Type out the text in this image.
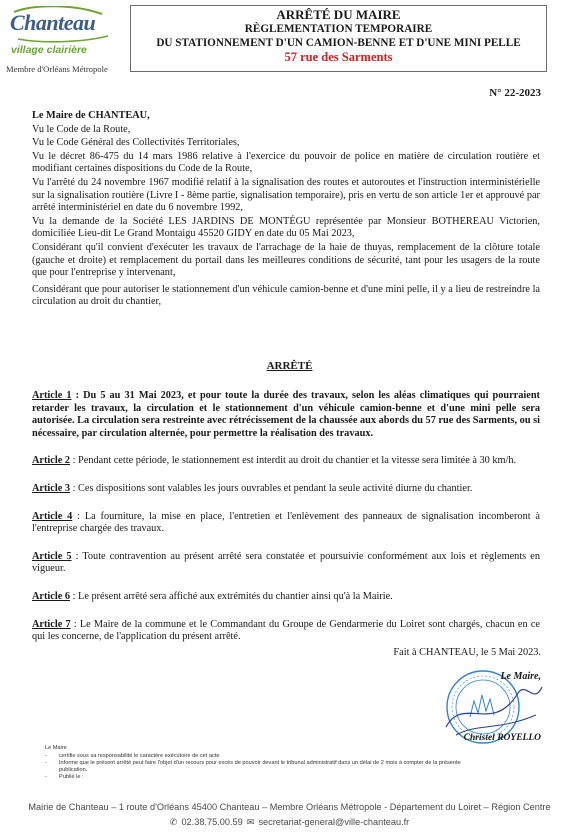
Chanteau
village clairière
Membre d'Orléans Métropole
ARRÊTÉ DU MAIRE
RÈGLEMENTATION TEMPORAIRE
DU STATIONNEMENT D'UN CAMION-BENNE ET D'UNE MINI PELLE
57 rue des Sarments
N° 22-2023

Le Maire de CHANTEAU,

Vu le Code de la Route,

Vu le Code Général des Collectivités Territoriales,

Vu le décret 86-475 du 14 mars 1986 relative à l'exercice du pouvoir de police en matière de circulation routière et modifiant certaines dispositions du Code de la Route,

Vu l'arrêté du 24 novembre 1967 modifié relatif à la signalisation des routes et autoroutes et l'instruction interministérielle sur la signalisation routière (Livre I - 8ème partie, signalisation temporaire), pris en vertu de son article 1er et approuvé par arrêté interministériel en date du 6 novembre 1992,

Vu la demande de la Société LES JARDINS DE MONTÉGU représentée par Monsieur BOTHEREAU Victorien, domiciliée Lieu-dit Le Grand Montaigu 45520 GIDY en date du 05 Mai 2023,

Considérant qu'il convient d'exécuter les travaux de l'arrachage de la haie de thuyas, remplacement de la clôture totale (gauche et droite) et remplacement du portail dans les meilleures conditions de sécurité, tant pour les usagers de la route que pour l'entreprise y intervenant,

Considérant que pour autoriser le stationnement d'un véhicule camion-benne et d'une mini pelle, il y a lieu de restreindre la circulation au droit du chantier,

ARRÊTÉ

Article 1 : Du 5 au 31 Mai 2023, et pour toute la durée des travaux, selon les aléas climatiques qui pourraient retarder les travaux, la circulation et le stationnement d'un véhicule camion-benne et d'une mini pelle sera autorisée. La circulation sera restreinte avec rétrécissement de la chaussée aux abords du 57 rue des Sarments, ou si nécessaire, par circulation alternée, pour permettre la réalisation des travaux.

Article 2 : Pendant cette période, le stationnement est interdit au droit du chantier et la vitesse sera limitée à 30 km/h.

Article 3 : Ces dispositions sont valables les jours ouvrables et pendant la seule activité diurne du chantier.

Article 4 : La fourniture, la mise en place, l'entretien et l'enlèvement des panneaux de signalisation incomberont à l'entreprise chargée des travaux.

Article 5 : Toute contravention au présent arrêté sera constatée et poursuivie conformément aux lois et règlements en vigueur.

Article 6 : Le présent arrêté sera affiché aux extrémités du chantier ainsi qu'à la Mairie.

Article 7 : Le Maire de la commune et le Commandant du Groupe de Gendarmerie du Loiret sont chargés, chacun en ce qui les concerne, de l'application du présent arrêté.

Fait à CHANTEAU, le 5 Mai 2023.
Le Maire,
Christel ROYELLO
Le Maire
-	certifie sous sa responsabilité le caractère exécutoire de cet acte
-	Informe que le présent arrêté peut faire l'objet d'un recours pour excès de pouvoir devant le tribunal administratif dans un délai de 2 mois à compter de la présente publication.
-	Publié le :
Mairie de Chanteau – 1 route d'Orléans 45400 Chanteau – Membre Orléans Métropole - Département du Loiret – Région Centre
✆ 02.38.75.00.59 ✉ secretariat-general@ville-chanteau.fr
